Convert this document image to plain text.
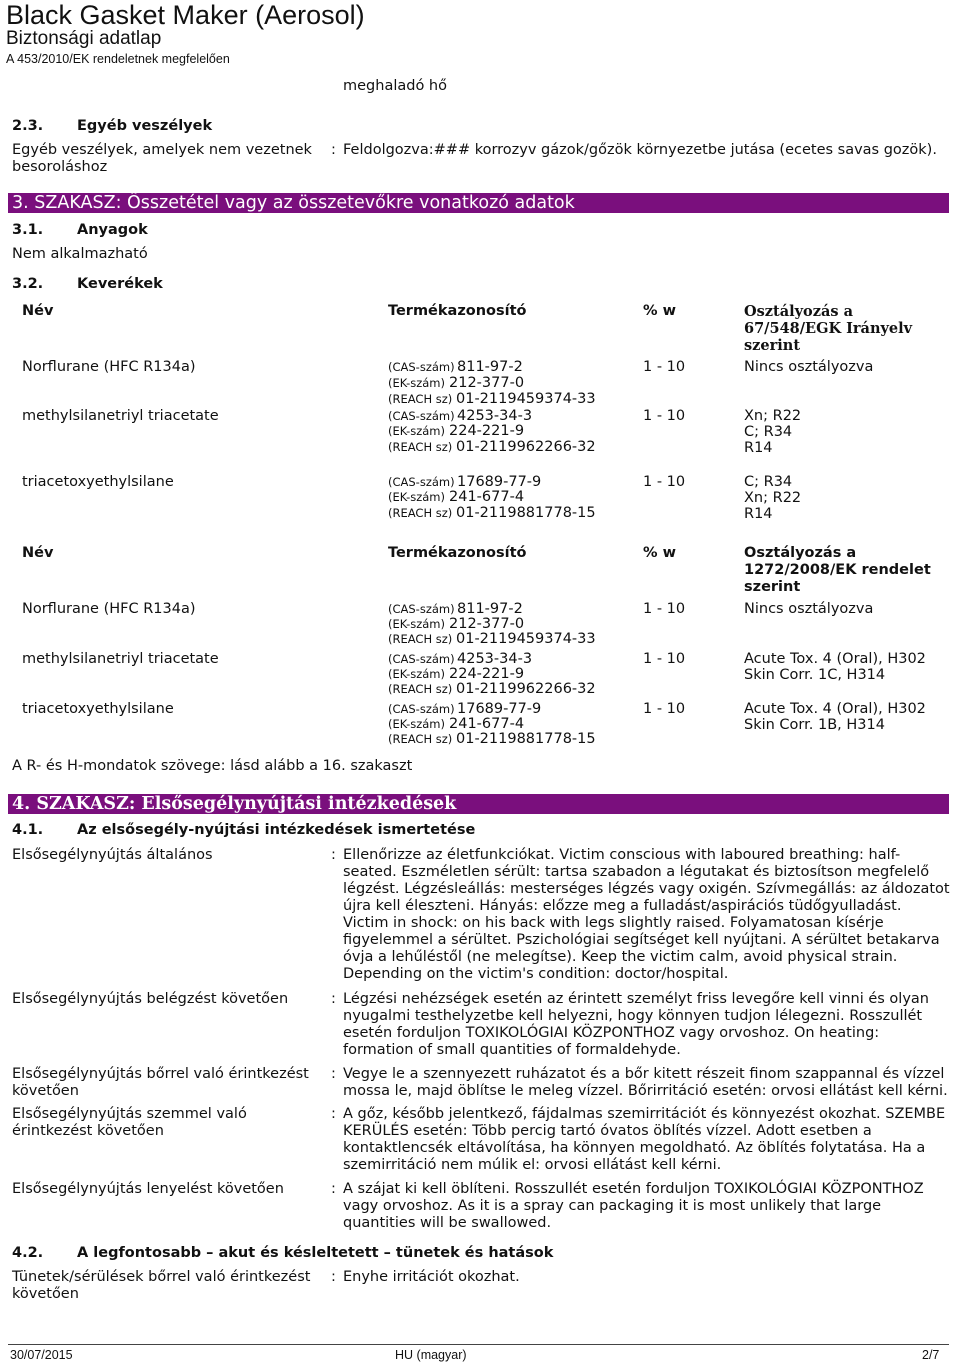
Black Gasket Maker (Aerosol)
Biztonsági adatlap
A 453/2010/EK rendeletnek megfelelően
meghaladó hő
2.3. Egyéb veszélyek
Egyéb veszélyek, amelyek nem vezetnek
besoroláshoz
: Feldolgozva:### korrozyv gázok/gőzök környezetbe jutása (ecetes savas gozök).
3. SZAKASZ: Összetétel vagy az összetevőkre vonatkozó adatok
3.1. Anyagok
Nem alkalmazható
3.2. Keverékek
Név	Termékazonosító	% w	Osztályozás a
67/548/EGK Irányelv
szerint
Norflurane (HFC R134a)	(CAS-szám) 811-97-2
(EK-szám) 212-377-0
(REACH sz) 01-2119459374-33
1 - 10	Nincs osztályozva
methylsilanetriyl triacetate	(CAS-szám) 4253-34-3
(EK-szám) 224-221-9
(REACH sz) 01-2119962266-32
1 - 10	Xn; R22
C; R34
R14
triacetoxyethylsilane	(CAS-szám) 17689-77-9
(EK-szám) 241-677-4
(REACH sz) 01-2119881778-15
1 - 10	C; R34
Xn; R22
R14
Név	Termékazonosító	% w	Osztályozás a
1272/2008/EK rendelet
szerint
Norflurane (HFC R134a)	(CAS-szám) 811-97-2
(EK-szám) 212-377-0
(REACH sz) 01-2119459374-33
1 - 10	Nincs osztályozva
methylsilanetriyl triacetate	(CAS-szám) 4253-34-3
(EK-szám) 224-221-9
(REACH sz) 01-2119962266-32
1 - 10	Acute Tox. 4 (Oral), H302
Skin Corr. 1C, H314
triacetoxyethylsilane	(CAS-szám) 17689-77-9
(EK-szám) 241-677-4
(REACH sz) 01-2119881778-15
1 - 10	Acute Tox. 4 (Oral), H302
Skin Corr. 1B, H314
A R- és H-mondatok szövege: lásd alább a 16. szakaszt
4. SZAKASZ: Elsősegélynyújtási intézkedések
4.1. Az elsősegély-nyújtási intézkedések ismertetése
Elsősegélynyújtás általános	: Ellenőrizze az életfunkciókat. Victim conscious with laboured breathing: half-
seated. Eszméletlen sérült: tartsa szabadon a légutakat és biztosítson megfelelő
légzést. Légzésleállás: mesterséges légzés vagy oxigén. Szívmegállás: az áldozatot
újra kell éleszteni. Hányás: előzze meg a fulladást/aspirációs tüdőgyulladást.
Victim in shock: on his back with legs slightly raised. Folyamatosan kísérje
figyelemmel a sérültet. Pszichológiai segítséget kell nyújtani. A sérültet betakarva
óvja a lehűléstől (ne melegítse). Keep the victim calm, avoid physical strain.
Depending on the victim's condition: doctor/hospital.
Elsősegélynyújtás belégzést követően	: Légzési nehézségek esetén az érintett személyt friss levegőre kell vinni és olyan
nyugalmi testhelyzetbe kell helyezni, hogy könnyen tudjon lélegezni. Rosszullét
esetén forduljon TOXIKOLÓGIAI KÖZPONTHOZ vagy orvoshoz. On heating:
formation of small quantities of formaldehyde.
Elsősegélynyújtás bőrrel való érintkezést
követően
: Vegye le a szennyezett ruházatot és a bőr kitett részeit finom szappannal és vízzel
mossa le, majd öblítse le meleg vízzel. Bőrirritáció esetén: orvosi ellátást kell kérni.
Elsősegélynyújtás szemmel való
érintkezést követően
: A gőz, később jelentkező, fájdalmas szemirritációt és könnyezést okozhat. SZEMBE
KERÜLÉS esetén: Több percig tartó óvatos öblítés vízzel. Adott esetben a
kontaktlencsék eltávolítása, ha könnyen megoldható. Az öblítés folytatása. Ha a
szemirritáció nem múlik el: orvosi ellátást kell kérni.
Elsősegélynyújtás lenyelést követően	: A szájat ki kell öblíteni. Rosszullét esetén forduljon TOXIKOLÓGIAI KÖZPONTHOZ
vagy orvoshoz. As it is a spray can packaging it is most unlikely that large
quantities will be swallowed.
4.2. A legfontosabb – akut és késleltetett – tünetek és hatások
Tünetek/sérülések bőrrel való érintkezést
követően
: Enyhe irritációt okozhat.
30/07/2015	HU (magyar)	2/7
